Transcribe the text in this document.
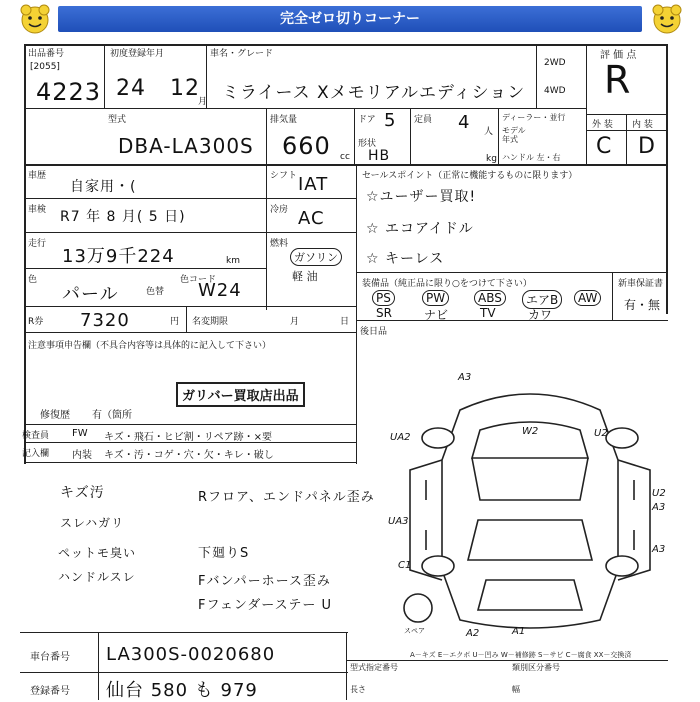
完全ゼロ切りコーナー
出品番号
[2055]
4223
初度登録年月
24 12
月
車名・グレード
ミライース Xメモリアルエディション
2WD
4WD
評 価 点
R
型式
DBA-LA300S
排気量
660 cc
ドア 5
形状
HB
定員 4 人
kg
ディーラー・並行
モデル年式
ハンドル 左・右
外 装 内 装
C D
車歴
自家用・(
車検 R7 年 8 月( 5 日)
走行
13万9千224	km
色
パール	色替
色コード
W24
シフト IAT
冷房 AC
燃料
ガソリン
軽 油
セールスポイント（正常に機能するものに限ります）
☆ユーザー買取!
☆ エコアイドル
☆ キーレス
装備品（純正品に限り○をつけて下さい）	新車保証書
有・無
PS	PW	ABS	エアB	AW
SR	ナビ	TV	カワ
後日品
R券 7320	円 名変期限	月	日
注意事項申告欄（不具合内容等は具体的に記入して下さい）
ガリバー買取店出品
修復歴 有（箇所
検査員
記入欄
FW キズ・飛石・ヒビ割・リペア跡・×要
内装 キズ・汚・コゲ・穴・欠・キレ・破し
キズ汚
スレハガリ
ペットモ臭い
ハンドルスレ
Rフロア、エンドパネル歪み
下廻りS
Fバンパーホース歪み
Fフェンダーステー U
A3
UA2
W2	U2
U2
A3
UA3
C1
A3
A2	A1
スペア
A－キズ E－エクボ U－凹み W－補修跡 S－サビ C－腐食 XX－交換済
車台番号 LA300S-0020680
登録番号 仙台 580 も 979
型式指定番号	類別区分番号
長さ	幅
